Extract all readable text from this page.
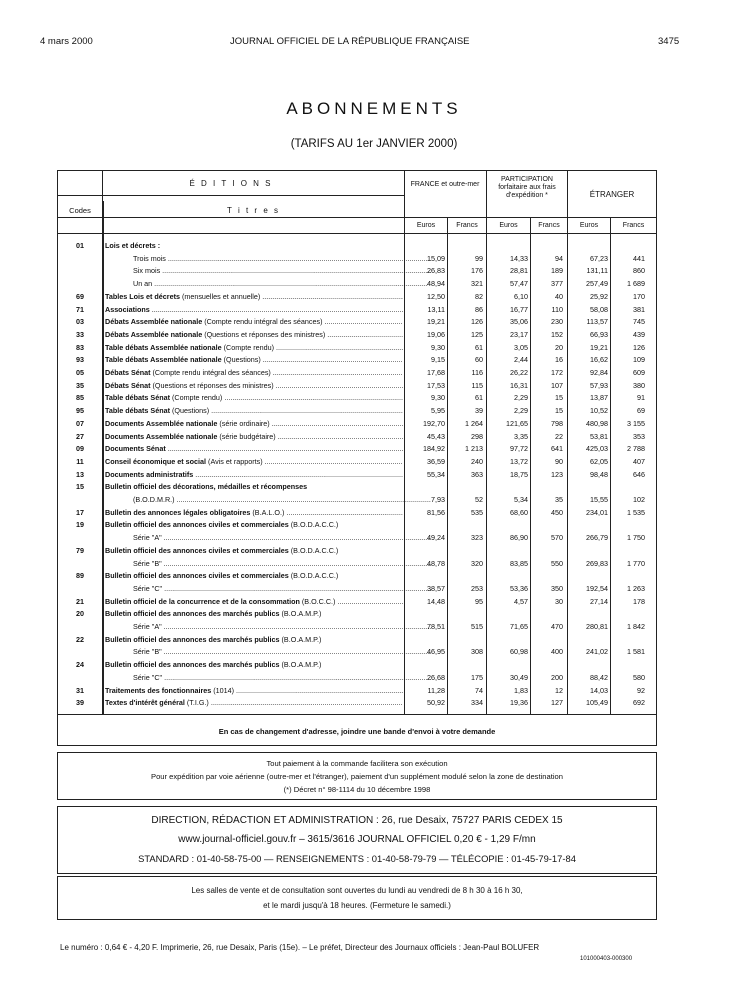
4 mars 2000	JOURNAL OFFICIEL DE LA RÉPUBLIQUE FRANÇAISE	3475
ABONNEMENTS
(TARIFS AU 1er JANVIER 2000)
É D I T I O N S
Codes	T i t r e s
FRANCE et outre-mer
PARTICIPATION forfaitaire aux frais d'expédition *	ÉTRANGER
Euros	Francs	Euros	Francs	Euros	Francs
01	Lois et décrets :
Trois mois .....	15,09	99	14,33	94	67,23	441
Six mois .....	26,83	176	28,81	189	131,11	860
Un an .....	48,94	321	57,47	377	257,49	1 689
69	Tables Lois et décrets (mensuelles et annuelle) .....	12,50	82	6,10	40	25,92	170
71	Associations .....	13,11	86	16,77	110	58,08	381
03	Débats Assemblée nationale (Compte rendu intégral des séances) .....	19,21	126	35,06	230	113,57	745
33	Débats Assemblée nationale (Questions et réponses des ministres) .....	19,06	125	23,17	152	66,93	439
83	Table débats Assemblée nationale (Compte rendu) .....	9,30	61	3,05	20	19,21	126
93	Table débats Assemblée nationale (Questions) .....	9,15	60	2,44	16	16,62	109
05	Débats Sénat (Compte rendu intégral des séances) .....	17,68	116	26,22	172	92,84	609
35	Débats Sénat (Questions et réponses des ministres) .....	17,53	115	16,31	107	57,93	380
85	Table débats Sénat (Compte rendu) .....	9,30	61	2,29	15	13,87	91
95	Table débats Sénat (Questions) .....	5,95	39	2,29	15	10,52	69
07	Documents Assemblée nationale (série ordinaire) .....	192,70	1 264	121,65	798	480,98	3 155
27	Documents Assemblée nationale (série budgétaire) .....	45,43	298	3,35	22	53,81	353
09	Documents Sénat .....	184,92	1 213	97,72	641	425,03	2 788
11	Conseil économique et social (Avis et rapports) .....	36,59	240	13,72	90	62,05	407
13	Documents administratifs .....	55,34	363	18,75	123	98,48	646
15	Bulletin officiel des décorations, médailles et récompenses
(B.O.D.M.R.) .....	7,93	52	5,34	35	15,55	102
17	Bulletin des annonces légales obligatoires (B.A.L.O.) .....	81,56	535	68,60	450	234,01	1 535
19	Bulletin officiel des annonces civiles et commerciales (B.O.D.A.C.C.)
Série "A" .....	49,24	323	86,90	570	266,79	1 750
79	Bulletin officiel des annonces civiles et commerciales (B.O.D.A.C.C.)
Série "B" .....	48,78	320	83,85	550	269,83	1 770
89	Bulletin officiel des annonces civiles et commerciales (B.O.D.A.C.C.)
Série "C" .....	38,57	253	53,36	350	192,54	1 263
21	Bulletin officiel de la concurrence et de la consommation (B.O.C.C.) .....	14,48	95	4,57	30	27,14	178
20	Bulletin officiel des annonces des marchés publics (B.O.A.M.P.)
Série "A" .....	78,51	515	71,65	470	280,81	1 842
22	Bulletin officiel des annonces des marchés publics (B.O.A.M.P.)
Série "B" .....	46,95	308	60,98	400	241,02	1 581
24	Bulletin officiel des annonces des marchés publics (B.O.A.M.P.)
Série "C" .....	26,68	175	30,49	200	88,42	580
31	Traitements des fonctionnaires (1014) .....	11,28	74	1,83	12	14,03	92
39	Textes d'intérêt général (T.I.G.) .....	50,92	334	19,36	127	105,49	692
En cas de changement d'adresse, joindre une bande d'envoi à votre demande
Tout paiement à la commande facilitera son exécution
Pour expédition par voie aérienne (outre-mer et l'étranger), paiement d'un supplément modulé selon la zone de destination
(*) Décret n° 98-1114 du 10 décembre 1998
DIRECTION, RÉDACTION ET ADMINISTRATION : 26, rue Desaix, 75727 PARIS CEDEX 15
www.journal-officiel.gouv.fr – 3615/3616 JOURNAL OFFICIEL 0,20 € - 1,29 F/mn
STANDARD : 01-40-58-75-00 — RENSEIGNEMENTS : 01-40-58-79-79 — TÉLÉCOPIE : 01-45-79-17-84
Les salles de vente et de consultation sont ouvertes du lundi au vendredi de 8 h 30 à 16 h 30,
et le mardi jusqu'à 18 heures. (Fermeture le samedi.)
Le numéro : 0,64 € - 4,20 F. Imprimerie, 26, rue Desaix, Paris (15e). – Le préfet, Directeur des Journaux officiels : Jean-Paul BOLUFER
101000403-000300
